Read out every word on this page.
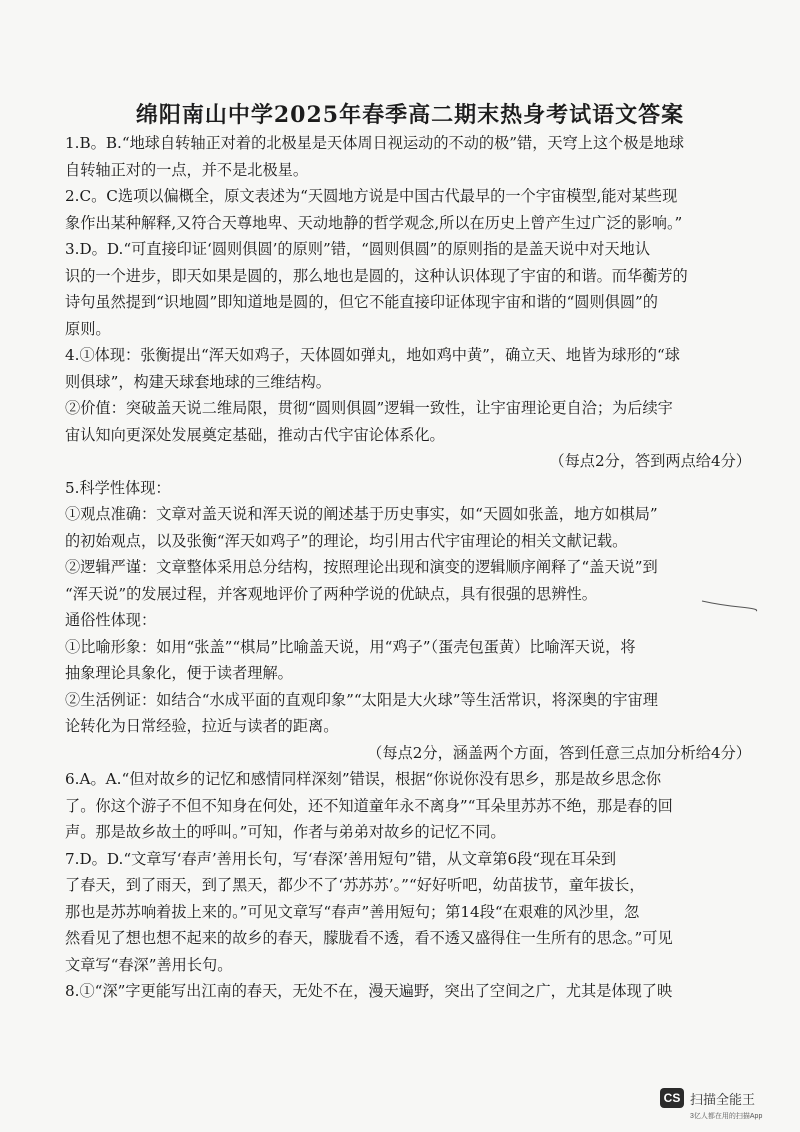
绵阳南山中学2025年春季高二期末热身考试语文答案
1.B。B.“地球自转轴正对着的北极星是天体周日视运动的不动的极”错，天穹上这个极是地球
自转轴正对的一点，并不是北极星。
2.C。C选项以偏概全，原文表述为“天圆地方说是中国古代最早的一个宇宙模型,能对某些现
象作出某种解释,又符合天尊地卑、天动地静的哲学观念,所以在历史上曾产生过广泛的影响。”
3.D。D.“可直接印证‘圆则俱圆’的原则”错，“圆则俱圆”的原则指的是盖天说中对天地认
识的一个进步，即天如果是圆的，那么地也是圆的，这种认识体现了宇宙的和谐。而华蘅芳的
诗句虽然提到“识地圆”即知道地是圆的，但它不能直接印证体现宇宙和谐的“圆则俱圆”的
原则。
4.①体现：张衡提出“浑天如鸡子，天体圆如弹丸，地如鸡中黄”，确立天、地皆为球形的“球
则俱球”，构建天球套地球的三维结构。
②价值：突破盖天说二维局限，贯彻“圆则俱圆”逻辑一致性，让宇宙理论更自洽；为后续宇
宙认知向更深处发展奠定基础，推动古代宇宙论体系化。
（每点2分，答到两点给4分）
5.科学性体现：
①观点准确：文章对盖天说和浑天说的阐述基于历史事实，如“天圆如张盖，地方如棋局”
的初始观点，以及张衡“浑天如鸡子”的理论，均引用古代宇宙理论的相关文献记载。
②逻辑严谨：文章整体采用总分结构，按照理论出现和演变的逻辑顺序阐释了“盖天说”到
“浑天说”的发展过程，并客观地评价了两种学说的优缺点，具有很强的思辨性。
通俗性体现：
①比喻形象：如用“张盖”“棋局”比喻盖天说，用“鸡子”（蛋壳包蛋黄）比喻浑天说，将
抽象理论具象化，便于读者理解。
②生活例证：如结合“水成平面的直观印象”“太阳是大火球”等生活常识，将深奥的宇宙理
论转化为日常经验，拉近与读者的距离。
（每点2分，涵盖两个方面，答到任意三点加分析给4分）
6.A。A.“但对故乡的记忆和感情同样深刻”错误，根据“你说你没有思乡，那是故乡思念你
了。你这个游子不但不知身在何处，还不知道童年永不离身”“耳朵里苏苏不绝，那是春的回
声。那是故乡故土的呼叫。”可知，作者与弟弟对故乡的记忆不同。
7.D。D.“文章写‘春声’善用长句，写‘春深’善用短句”错，从文章第6段“现在耳朵到
了春天，到了雨天，到了黑天，都少不了‘苏苏苏’。”“好好听吧，幼苗拔节，童年拔长，
那也是苏苏响着拔上来的。”可见文章写“春声”善用短句；第14段“在艰难的风沙里，忽
然看见了想也想不起来的故乡的春天，朦胧看不透，看不透又盛得住一生所有的思念。”可见
文章写“春深”善用长句。
8.①“深”字更能写出江南的春天，无处不在，漫天遍野，突出了空间之广，尤其是体现了映
CS 扫描全能王
3亿人都在用的扫描App
